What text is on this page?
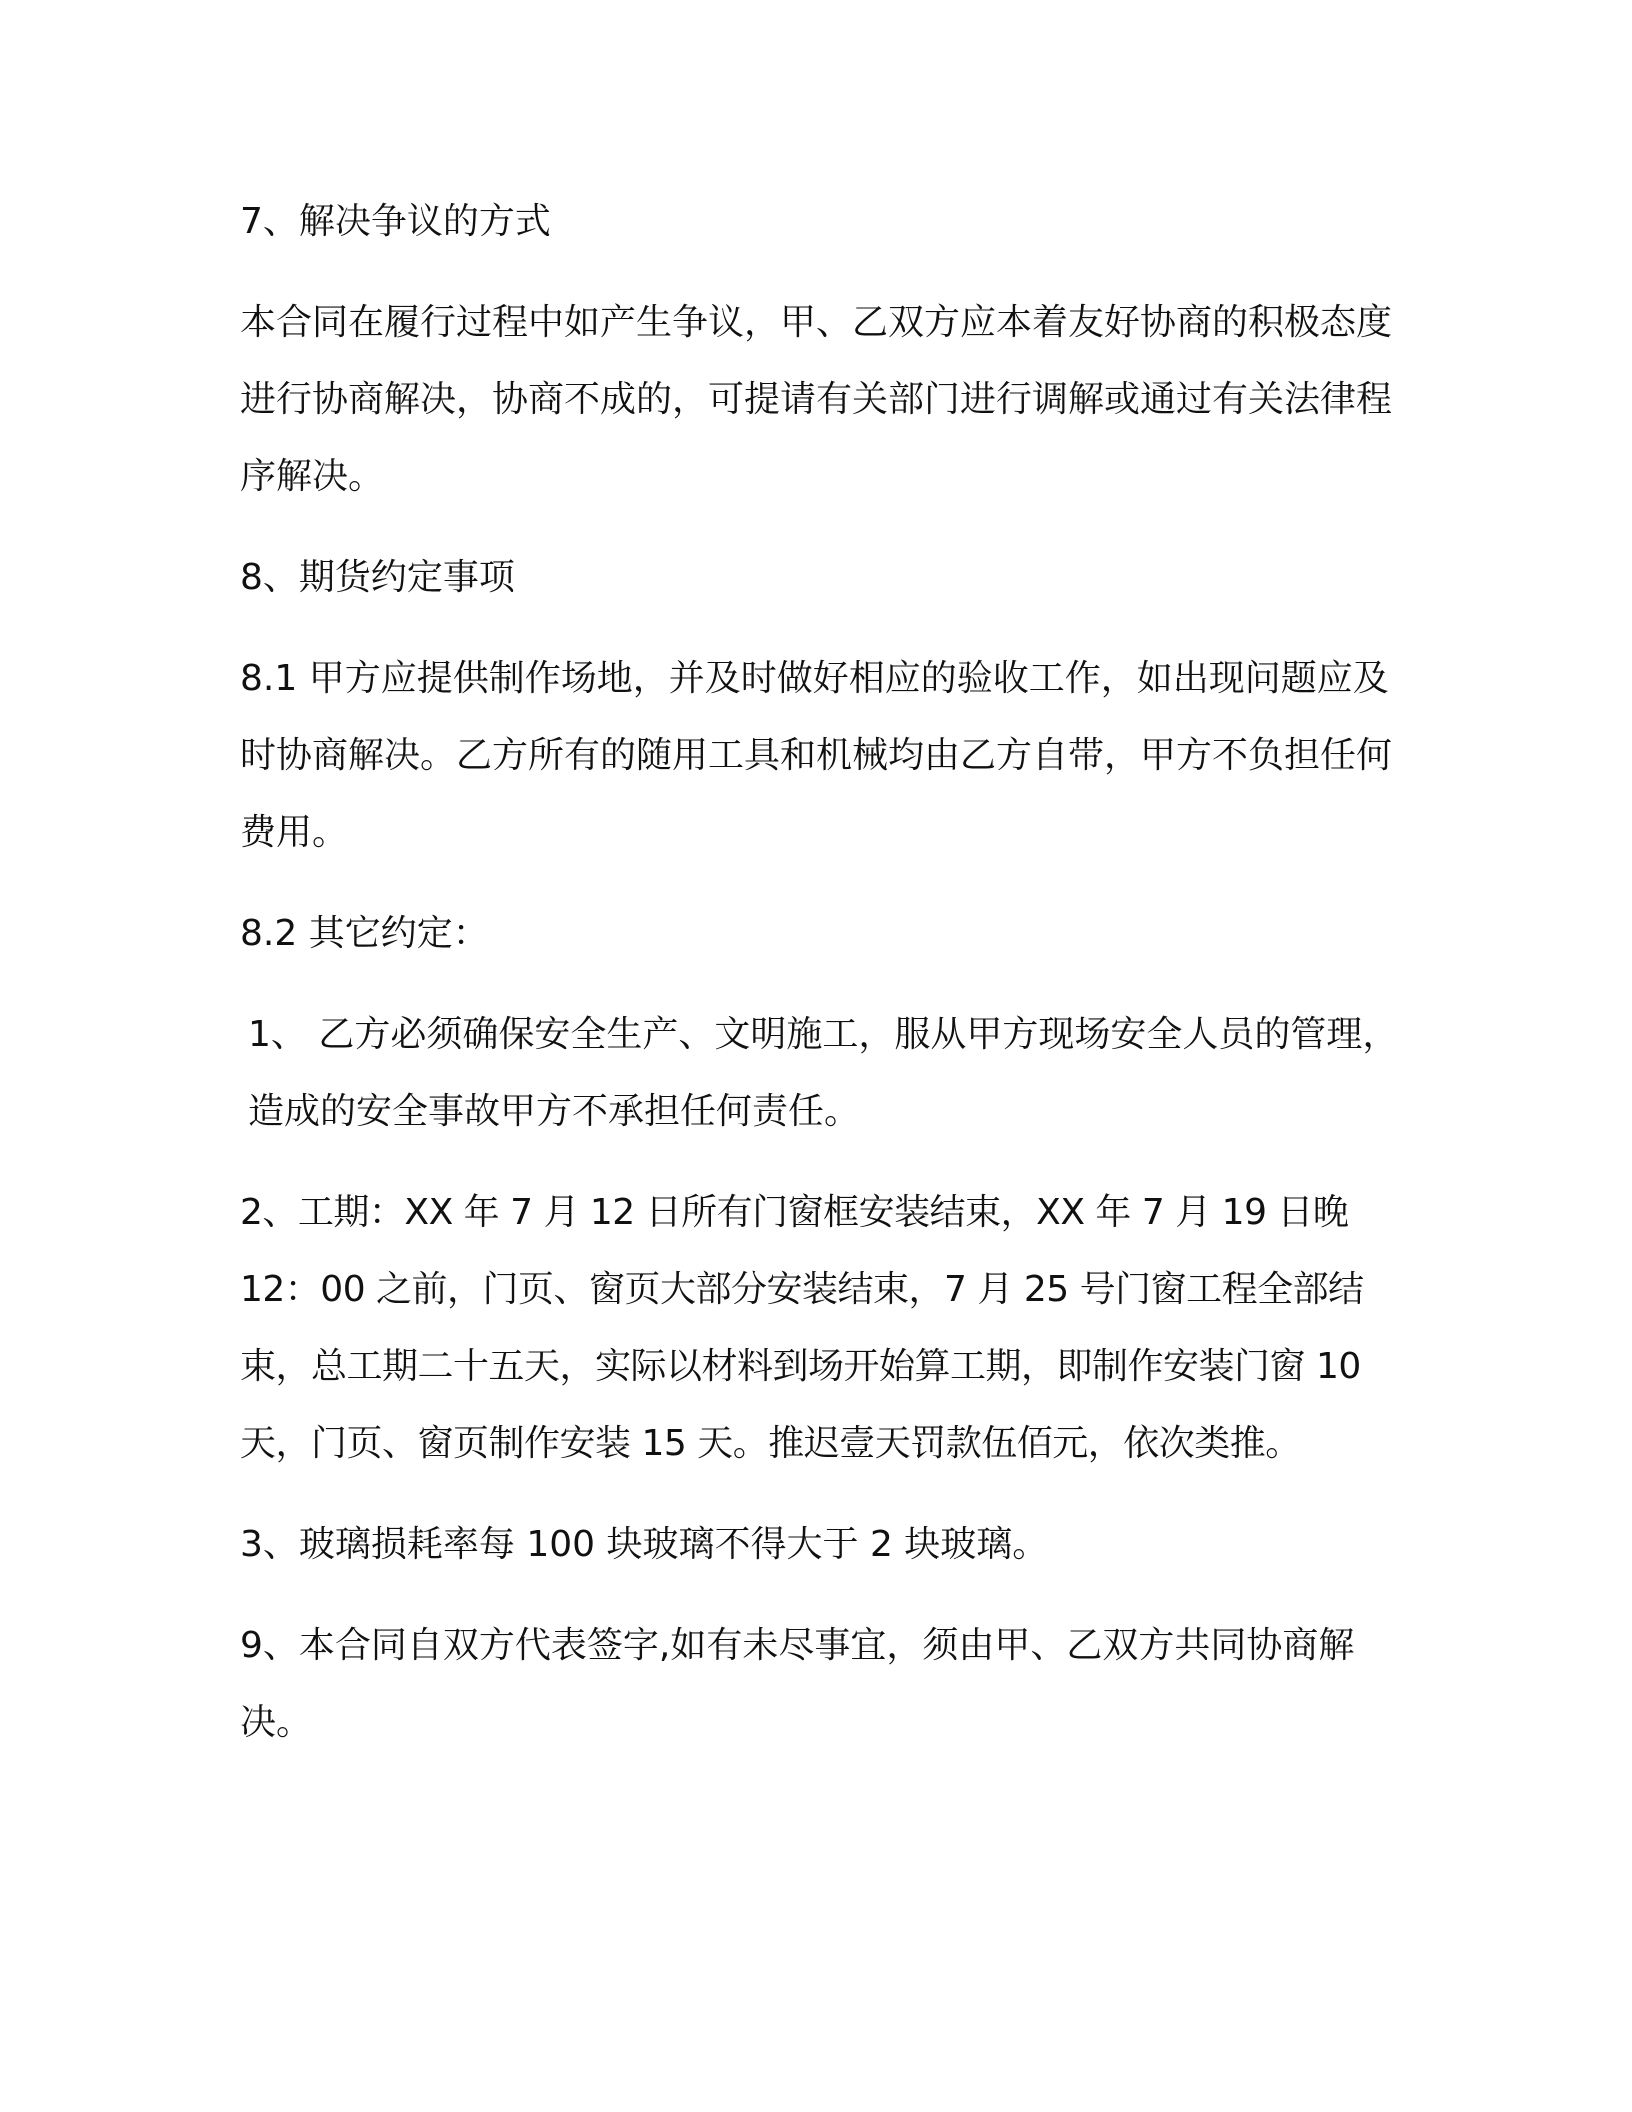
7、解决争议的方式

本合同在履行过程中如产生争议，甲、乙双方应本着友好协商的积极态度进行协商解决，协商不成的，可提请有关部门进行调解或通过有关法律程序解决。

8、期货约定事项

8.1 甲方应提供制作场地，并及时做好相应的验收工作，如出现问题应及时协商解决。乙方所有的随用工具和机械均由乙方自带，甲方不负担任何费用。

8.2 其它约定：

1、 乙方必须确保安全生产、文明施工，服从甲方现场安全人员的管理，造成的安全事故甲方不承担任何责任。

2、工期：XX 年 7 月 12 日所有门窗框安装结束，XX 年 7 月 19 日晚 12：00 之前，门页、窗页大部分安装结束，7 月 25 号门窗工程全部结束，总工期二十五天，实际以材料到场开始算工期，即制作安装门窗 10 天，门页、窗页制作安装 15 天。推迟壹天罚款伍佰元，依次类推。

3、玻璃损耗率每 100 块玻璃不得大于 2 块玻璃。

9、本合同自双方代表签字,如有未尽事宜，须由甲、乙双方共同协商解决。
